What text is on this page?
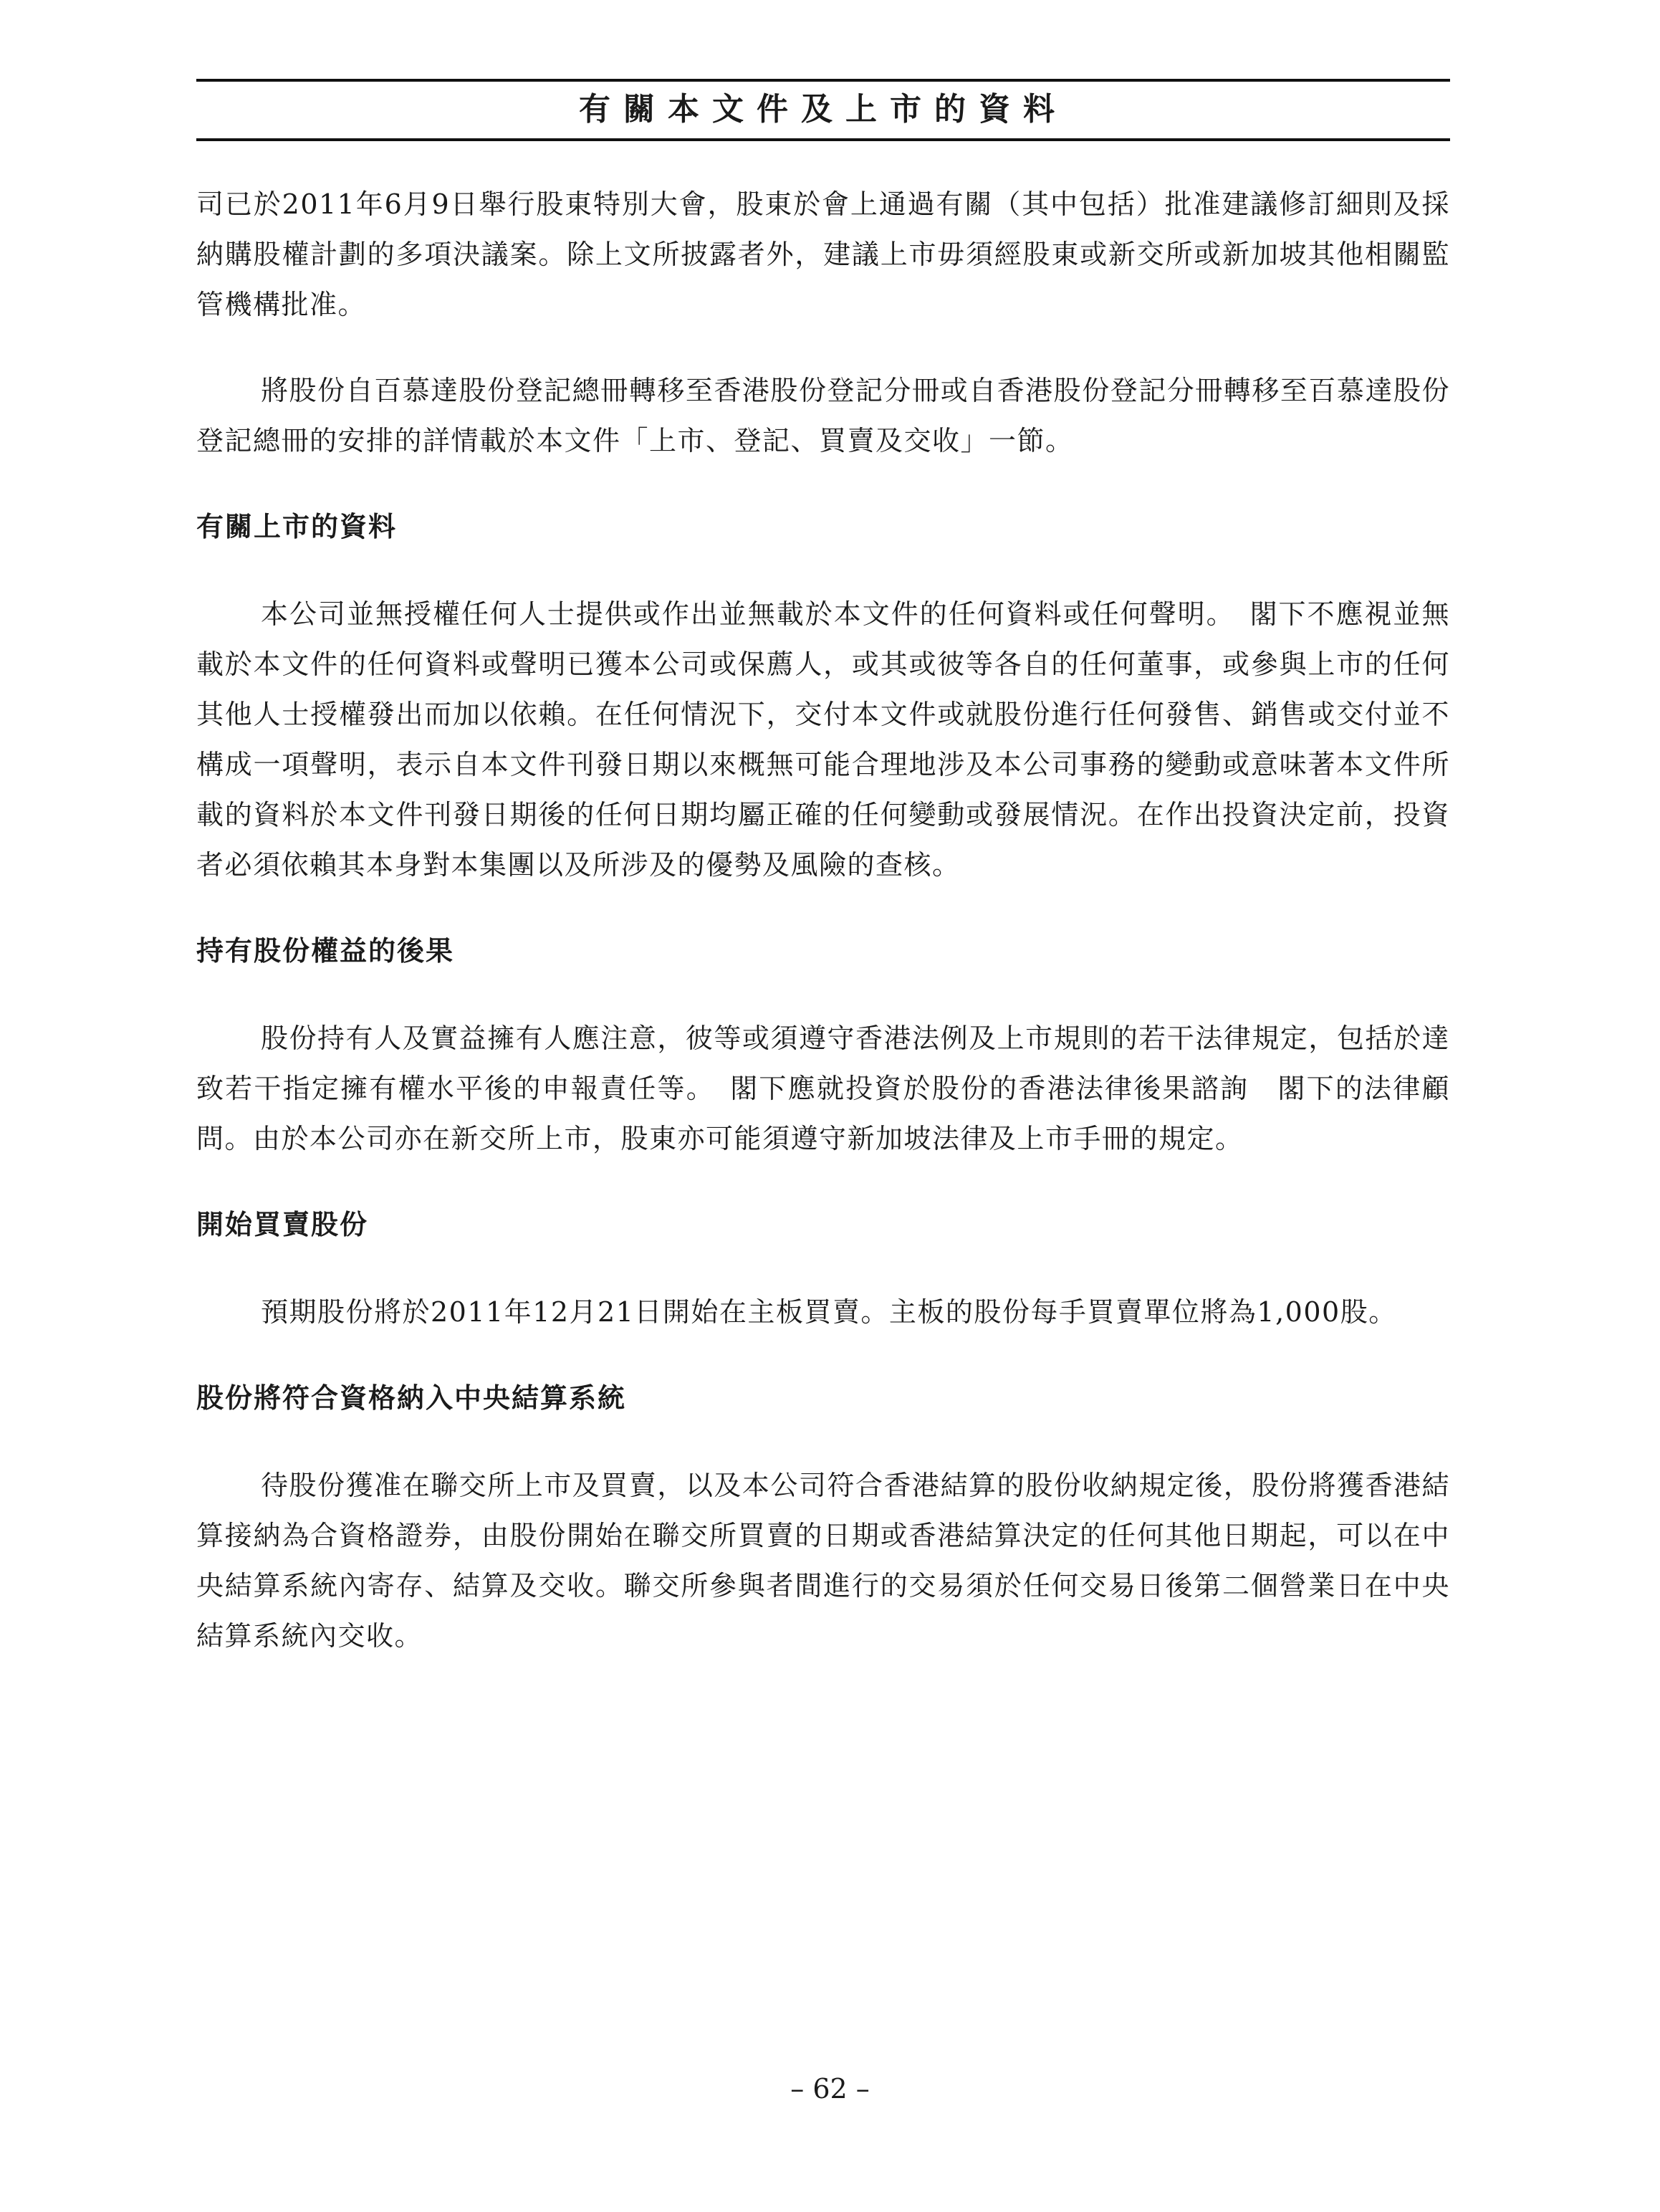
有關本文件及上市的資料

司已於2011年6月9日舉行股東特別大會，股東於會上通過有關（其中包括）批准建議修訂細則及採納購股權計劃的多項決議案。除上文所披露者外，建議上市毋須經股東或新交所或新加坡其他相關監管機構批准。

將股份自百慕達股份登記總冊轉移至香港股份登記分冊或自香港股份登記分冊轉移至百慕達股份登記總冊的安排的詳情載於本文件「上市、登記、買賣及交收」一節。

有關上市的資料

本公司並無授權任何人士提供或作出並無載於本文件的任何資料或任何聲明。　閣下不應視並無載於本文件的任何資料或聲明已獲本公司或保薦人，或其或彼等各自的任何董事，或參與上市的任何其他人士授權發出而加以依賴。在任何情況下，交付本文件或就股份進行任何發售、銷售或交付並不構成一項聲明，表示自本文件刊發日期以來概無可能合理地涉及本公司事務的變動或意味著本文件所載的資料於本文件刊發日期後的任何日期均屬正確的任何變動或發展情況。在作出投資決定前，投資者必須依賴其本身對本集團以及所涉及的優勢及風險的查核。

持有股份權益的後果

股份持有人及實益擁有人應注意，彼等或須遵守香港法例及上市規則的若干法律規定，包括於達致若干指定擁有權水平後的申報責任等。　閣下應就投資於股份的香港法律後果諮詢　閣下的法律顧問。由於本公司亦在新交所上市，股東亦可能須遵守新加坡法律及上市手冊的規定。

開始買賣股份

預期股份將於2011年12月21日開始在主板買賣。主板的股份每手買賣單位將為1,000股。

股份將符合資格納入中央結算系統

待股份獲准在聯交所上市及買賣，以及本公司符合香港結算的股份收納規定後，股份將獲香港結算接納為合資格證券，由股份開始在聯交所買賣的日期或香港結算決定的任何其他日期起，可以在中央結算系統內寄存、結算及交收。聯交所參與者間進行的交易須於任何交易日後第二個營業日在中央結算系統內交收。

– 62 –
